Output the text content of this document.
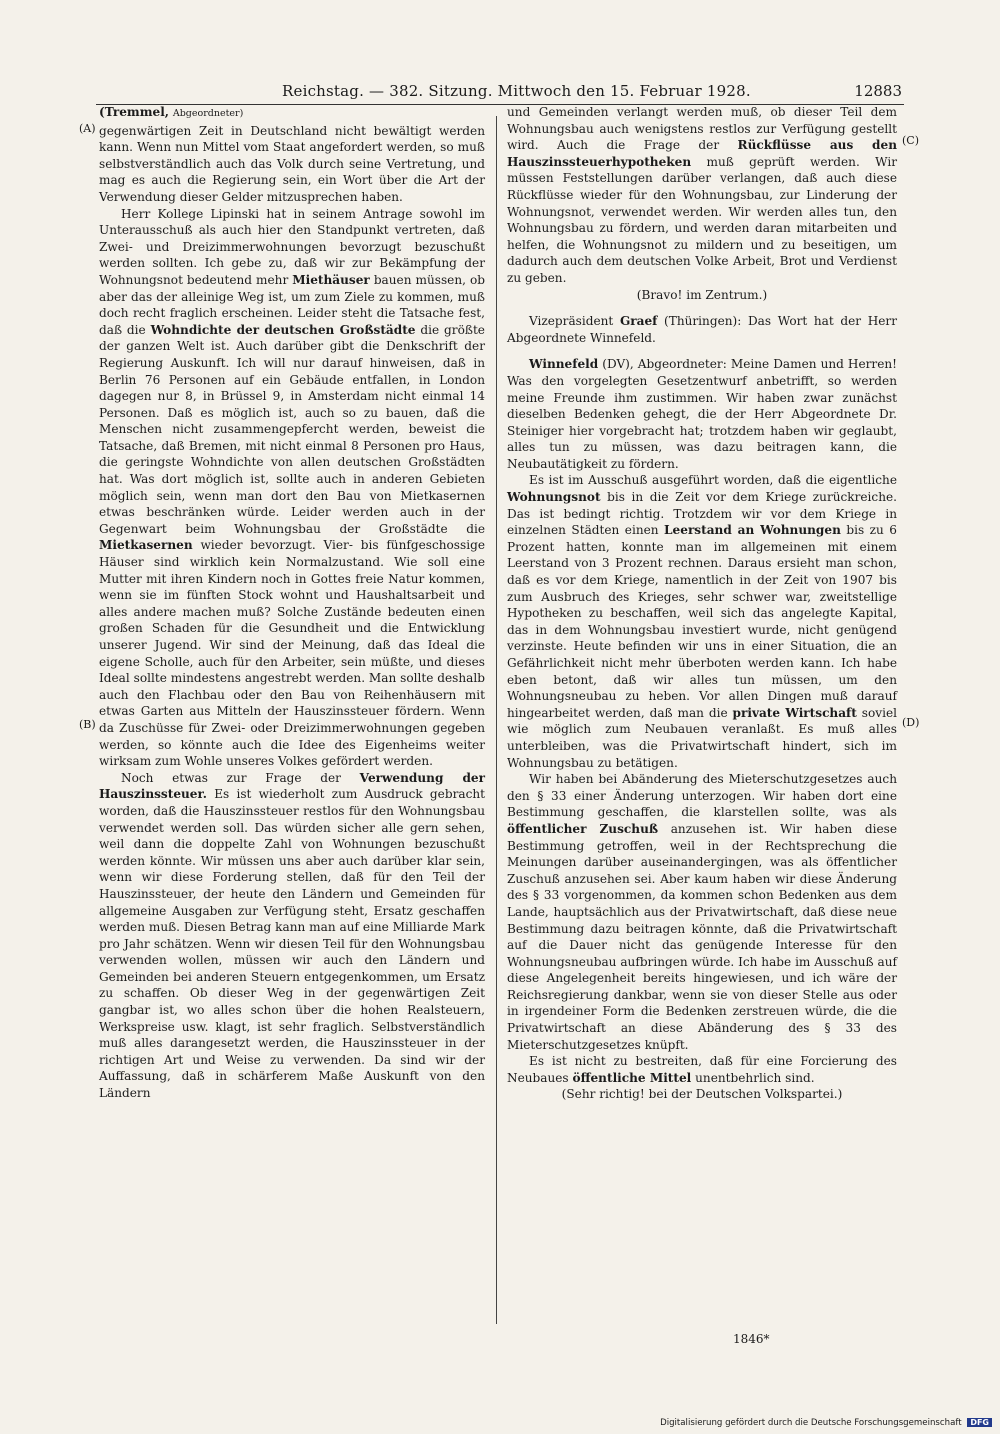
Reichstag. — 382. Sitzung. Mittwoch den 15. Februar 1928.	12883
(A)
(B)
(C)
(D)

(Tremmel, Abgeordneter)

gegenwärtigen Zeit in Deutschland nicht bewältigt werden kann. Wenn nun Mittel vom Staat angefordert werden, so muß selbstverständlich auch das Volk durch seine Vertretung, und mag es auch die Regierung sein, ein Wort über die Art der Verwendung dieser Gelder mitzusprechen haben.

Herr Kollege Lipinski hat in seinem Antrage sowohl im Unterausschuß als auch hier den Standpunkt vertreten, daß Zwei- und Dreizimmerwohnungen bevorzugt bezuschußt werden sollten. Ich gebe zu, daß wir zur Bekämpfung der Wohnungsnot bedeutend mehr Miethäuser bauen müssen, ob aber das der alleinige Weg ist, um zum Ziele zu kommen, muß doch recht fraglich erscheinen. Leider steht die Tatsache fest, daß die Wohndichte der deutschen Großstädte die größte der ganzen Welt ist. Auch darüber gibt die Denkschrift der Regierung Auskunft. Ich will nur darauf hinweisen, daß in Berlin 76 Personen auf ein Gebäude entfallen, in London dagegen nur 8, in Brüssel 9, in Amsterdam nicht einmal 14 Personen. Daß es möglich ist, auch so zu bauen, daß die Menschen nicht zusammengepfercht werden, beweist die Tatsache, daß Bremen, mit nicht einmal 8 Personen pro Haus, die geringste Wohndichte von allen deutschen Großstädten hat. Was dort möglich ist, sollte auch in anderen Gebieten möglich sein, wenn man dort den Bau von Mietkasernen etwas beschränken würde. Leider werden auch in der Gegenwart beim Wohnungsbau der Großstädte die Mietkasernen wieder bevorzugt. Vier- bis fünfgeschossige Häuser sind wirklich kein Normalzustand. Wie soll eine Mutter mit ihren Kindern noch in Gottes freie Natur kommen, wenn sie im fünften Stock wohnt und Haushaltsarbeit und alles andere machen muß? Solche Zustände bedeuten einen großen Schaden für die Gesundheit und die Entwicklung unserer Jugend. Wir sind der Meinung, daß das Ideal die eigene Scholle, auch für den Arbeiter, sein müßte, und dieses Ideal sollte mindestens angestrebt werden. Man sollte deshalb auch den Flachbau oder den Bau von Reihenhäusern mit etwas Garten aus Mitteln der Hauszinssteuer fördern. Wenn da Zuschüsse für Zwei- oder Dreizimmerwohnungen gegeben werden, so könnte auch die Idee des Eigenheims weiter wirksam zum Wohle unseres Volkes gefördert werden.

Noch etwas zur Frage der Verwendung der Hauszinssteuer. Es ist wiederholt zum Ausdruck gebracht worden, daß die Hauszinssteuer restlos für den Wohnungsbau verwendet werden soll. Das würden sicher alle gern sehen, weil dann die doppelte Zahl von Wohnungen bezuschußt werden könnte. Wir müssen uns aber auch darüber klar sein, wenn wir diese Forderung stellen, daß für den Teil der Hauszinssteuer, der heute den Ländern und Gemeinden für allgemeine Ausgaben zur Verfügung steht, Ersatz geschaffen werden muß. Diesen Betrag kann man auf eine Milliarde Mark pro Jahr schätzen. Wenn wir diesen Teil für den Wohnungsbau verwenden wollen, müssen wir auch den Ländern und Gemeinden bei anderen Steuern entgegenkommen, um Ersatz zu schaffen. Ob dieser Weg in der gegenwärtigen Zeit gangbar ist, wo alles schon über die hohen Realsteuern, Werkspreise usw. klagt, ist sehr fraglich. Selbstverständlich muß alles darangesetzt werden, die Hauszinssteuer in der richtigen Art und Weise zu verwenden. Da sind wir der Auffassung, daß in schärferem Maße Auskunft von den Ländern

und Gemeinden verlangt werden muß, ob dieser Teil dem Wohnungsbau auch wenigstens restlos zur Verfügung gestellt wird. Auch die Frage der Rückflüsse aus den Hauszinssteuerhypotheken muß geprüft werden. Wir müssen Feststellungen darüber verlangen, daß auch diese Rückflüsse wieder für den Wohnungsbau, zur Linderung der Wohnungsnot, verwendet werden. Wir werden alles tun, den Wohnungsbau zu fördern, und werden daran mitarbeiten und helfen, die Wohnungsnot zu mildern und zu beseitigen, um dadurch auch dem deutschen Volke Arbeit, Brot und Verdienst zu geben.

(Bravo! im Zentrum.)

Vizepräsident Graef (Thüringen): Das Wort hat der Herr Abgeordnete Winnefeld.

Winnefeld (DV), Abgeordneter: Meine Damen und Herren! Was den vorgelegten Gesetzentwurf anbetrifft, so werden meine Freunde ihm zustimmen. Wir haben zwar zunächst dieselben Bedenken gehegt, die der Herr Abgeordnete Dr. Steiniger hier vorgebracht hat; trotzdem haben wir geglaubt, alles tun zu müssen, was dazu beitragen kann, die Neubautätigkeit zu fördern.

Es ist im Ausschuß ausgeführt worden, daß die eigentliche Wohnungsnot bis in die Zeit vor dem Kriege zurückreiche. Das ist bedingt richtig. Trotzdem wir vor dem Kriege in einzelnen Städten einen Leerstand an Wohnungen bis zu 6 Prozent hatten, konnte man im allgemeinen mit einem Leerstand von 3 Prozent rechnen. Daraus ersieht man schon, daß es vor dem Kriege, namentlich in der Zeit von 1907 bis zum Ausbruch des Krieges, sehr schwer war, zweitstellige Hypotheken zu beschaffen, weil sich das angelegte Kapital, das in dem Wohnungsbau investiert wurde, nicht genügend verzinste. Heute befinden wir uns in einer Situation, die an Gefährlichkeit nicht mehr überboten werden kann. Ich habe eben betont, daß wir alles tun müssen, um den Wohnungsneubau zu heben. Vor allen Dingen muß darauf hingearbeitet werden, daß man die private Wirtschaft soviel wie möglich zum Neubauen veranlaßt. Es muß alles unterbleiben, was die Privatwirtschaft hindert, sich im Wohnungsbau zu betätigen.

Wir haben bei Abänderung des Mieterschutzgesetzes auch den § 33 einer Änderung unterzogen. Wir haben dort eine Bestimmung geschaffen, die klarstellen sollte, was als öffentlicher Zuschuß anzusehen ist. Wir haben diese Bestimmung getroffen, weil in der Rechtsprechung die Meinungen darüber auseinandergingen, was als öffentlicher Zuschuß anzusehen sei. Aber kaum haben wir diese Änderung des § 33 vorgenommen, da kommen schon Bedenken aus dem Lande, hauptsächlich aus der Privatwirtschaft, daß diese neue Bestimmung dazu beitragen könnte, daß die Privatwirtschaft auf die Dauer nicht das genügende Interesse für den Wohnungsneubau aufbringen würde. Ich habe im Ausschuß auf diese Angelegenheit bereits hingewiesen, und ich wäre der Reichsregierung dankbar, wenn sie von dieser Stelle aus oder in irgendeiner Form die Bedenken zerstreuen würde, die die Privatwirtschaft an diese Abänderung des § 33 des Mieterschutzgesetzes knüpft.

Es ist nicht zu bestreiten, daß für eine Forcierung des Neubaues öffentliche Mittel unentbehrlich sind.

(Sehr richtig! bei der Deutschen Volkspartei.)

1846*
Digitalisierung gefördert durch die Deutsche Forschungsgemeinschaft DFG
